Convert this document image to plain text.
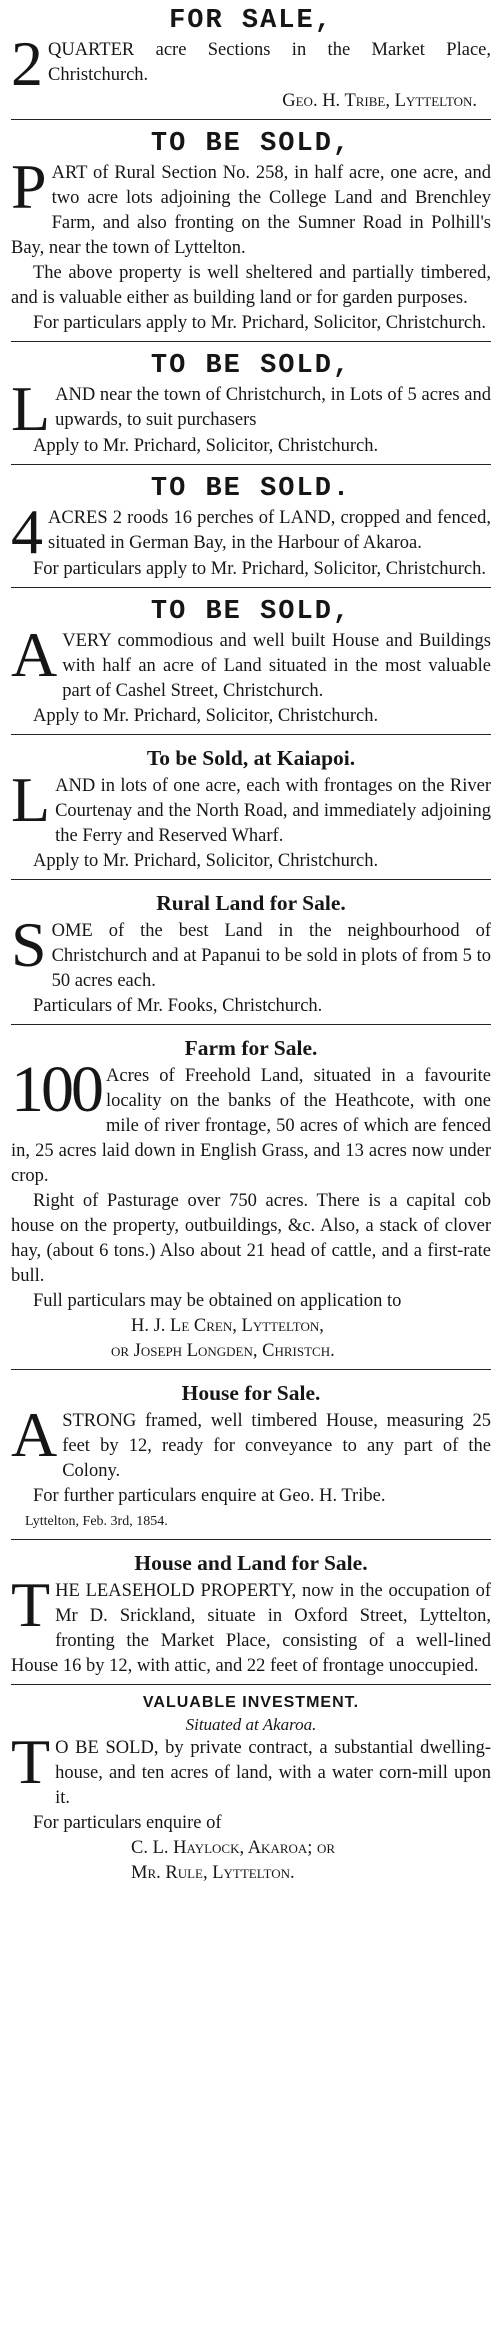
FOR SALE,

2 QUARTER acre Sections in the Market Place, Christchurch.

Geo. H. Tribe, Lyttelton.
TO BE SOLD,

P ART of Rural Section No. 258, in half acre, one acre, and two acre lots adjoining the College Land and Brenchley Farm, and also fronting on the Sumner Road in Polhill's Bay, near the town of Lyttelton.

The above property is well sheltered and partially timbered, and is valuable either as building land or for garden purposes.

For particulars apply to Mr. Prichard, Solicitor, Christchurch.

TO BE SOLD,

L AND near the town of Christchurch, in Lots of 5 acres and upwards, to suit purchasers

Apply to Mr. Prichard, Solicitor, Christchurch.

TO BE SOLD.

4 ACRES 2 roods 16 perches of LAND, cropped and fenced, situated in German Bay, in the Harbour of Akaroa.

For particulars apply to Mr. Prichard, Solicitor, Christchurch.

TO BE SOLD,

A VERY commodious and well built House and Buildings with half an acre of Land situated in the most valuable part of Cashel Street, Christchurch.

Apply to Mr. Prichard, Solicitor, Christchurch.

To be Sold, at Kaiapoi.

L AND in lots of one acre, each with frontages on the River Courtenay and the North Road, and immediately adjoining the Ferry and Reserved Wharf.

Apply to Mr. Prichard, Solicitor, Christchurch.

Rural Land for Sale.

S OME of the best Land in the neighbourhood of Christchurch and at Papanui to be sold in plots of from 5 to 50 acres each.

Particulars of Mr. Fooks, Christchurch.

Farm for Sale.

100 Acres of Freehold Land, situated in a favourite locality on the banks of the Heathcote, with one mile of river frontage, 50 acres of which are fenced in, 25 acres laid down in English Grass, and 13 acres now under crop.

Right of Pasturage over 750 acres. There is a capital cob house on the property, outbuildings, &c. Also, a stack of clover hay, (about 6 tons.) Also about 21 head of cattle, and a first-rate bull.

Full particulars may be obtained on application to

H. J. Le Cren, Lyttelton,
or Joseph Longden, Christch.
House for Sale.

A STRONG framed, well timbered House, measuring 25 feet by 12, ready for conveyance to any part of the Colony.

For further particulars enquire at Geo. H. Tribe.

Lyttelton, Feb. 3rd, 1854.
House and Land for Sale.

T HE LEASEHOLD PROPERTY, now in the occupation of Mr D. Srickland, situate in Oxford Street, Lyttelton, fronting the Market Place, consisting of a well-lined House 16 by 12, with attic, and 22 feet of frontage unoccupied.

VALUABLE INVESTMENT.
Situated at Akaroa.

T O BE SOLD, by private contract, a substantial dwelling-house, and ten acres of land, with a water corn-mill upon it.

For particulars enquire of

C. L. Haylock, Akaroa; or
Mr. Rule, Lyttelton.
